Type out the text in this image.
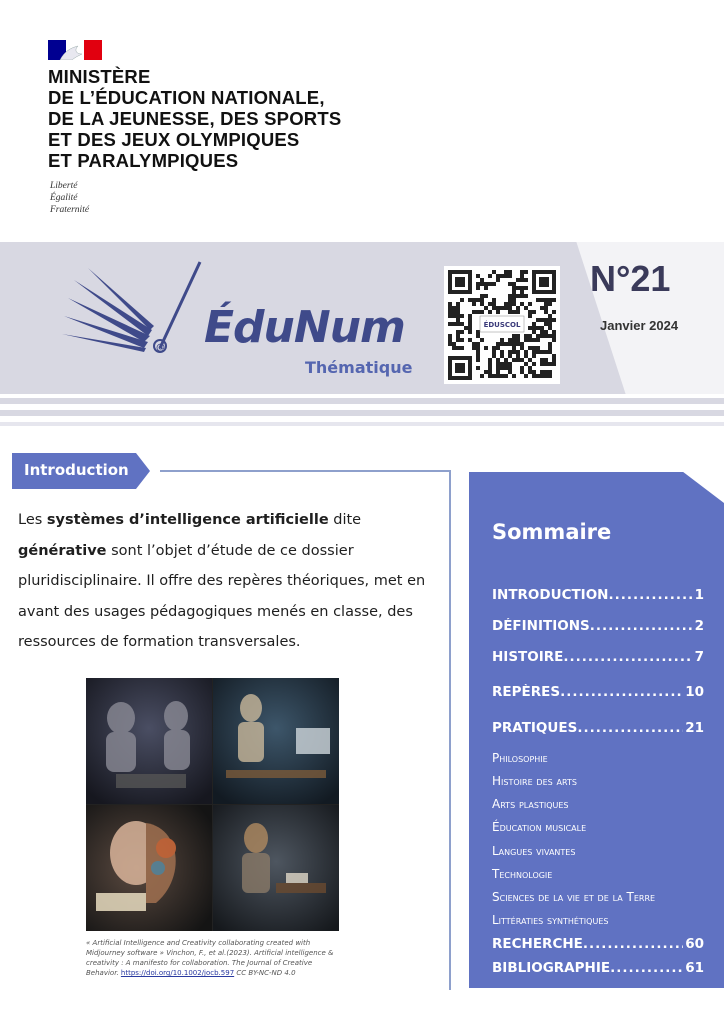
MINISTÈRE
DE L’ÉDUCATION NATIONALE,
DE LA JEUNESSE, DES SPORTS
ET DES JEUX OLYMPIQUES
ET PARALYMPIQUES
Liberté
Égalité
Fraternité
@ ÉduNum
Thématique
ÉDUSCOL
N°21
Janvier 2024
Introduction
Les systèmes d’intelligence artificielle dite générative sont l’objet d’étude de ce dossier pluridisciplinaire. Il offre des repères théoriques, met en avant des usages pédagogiques menés en classe, des ressources de formation transversales.
« Artificial Intelligence and Creativity collaborating created with Midjourney software » Vinchon, F., et al.(2023). Artificial intelligence & creativity : A manifesto for collaboration. The Journal of Creative Behavior. https://doi.org/10.1002/jocb.597 CC BY-NC-ND 4.0
Sommaire
INTRODUCTION .....	1
DÉFINITIONS .....	2
HISTOIRE .....	7
REPÈRES .....	10
PRATIQUES .....	21
Philosophie
Histoire des arts
Arts plastiques
Éducation musicale
Langues vivantes
Technologie
Sciences de la vie et de la Terre
Littératies synthétiques
RECHERCHE .....	60
BIBLIOGRAPHIE .....	61
